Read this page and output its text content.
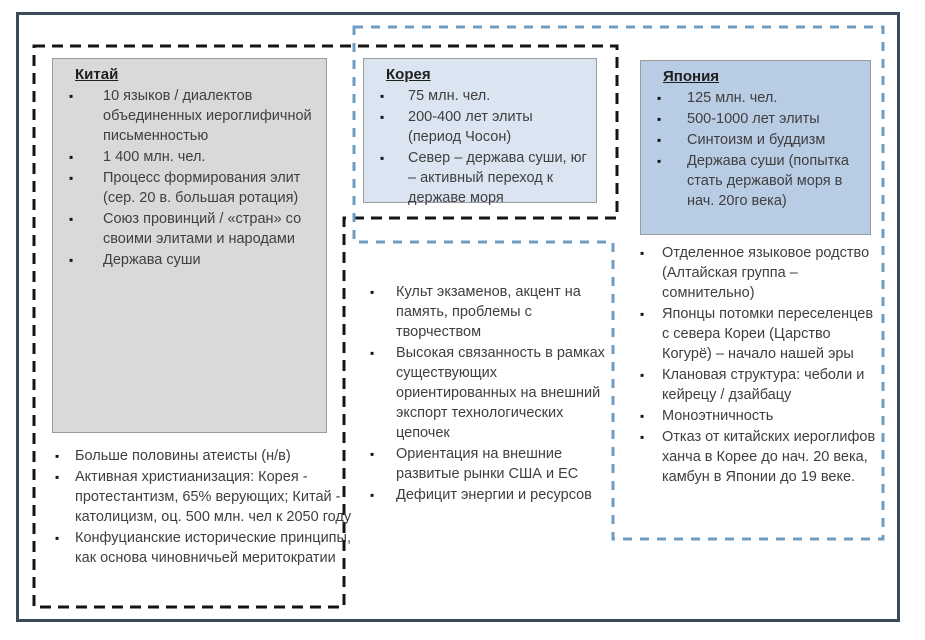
Китай
▪ 10 языков / диалектов объединенных иероглифичной письменностью
▪ 1 400 млн. чел.
▪ Процесс формирования элит (сер. 20 в. большая ротация)
▪ Союз провинций / «стран» со своими элитами и народами
▪ Держава суши
Корея
▪ 75 млн. чел.
▪ 200-400 лет элиты (период Чосон)
▪ Север – держава суши, юг – активный переход к державе моря
Япония
▪ 125 млн. чел.
▪ 500-1000 лет элиты
▪ Синтоизм и буддизм
▪ Держава суши (попытка стать державой моря в нач. 20го века)
▪ Культ экзаменов, акцент на память, проблемы с творчеством
▪ Высокая связанность в рамках существующих ориентированных на внешний экспорт технологических цепочек
▪ Ориентация на внешние развитые рынки США и ЕС
▪ Дефицит энергии и ресурсов
▪ Отделенное языковое родство (Алтайская группа – сомнительно)
▪ Японцы потомки переселенцев с севера Кореи (Царство Когурё) – начало нашей эры
▪ Клановая структура: чеболи и кейрецу / дзайбацу
▪ Моноэтничность
▪ Отказ от китайских иероглифов ханча в Корее до нач. 20 века, камбун в Японии до 19 веке.
▪ Больше половины атеисты (н/в)
▪ Активная христианизация: Корея - протестантизм, 65% верующих; Китай - католицизм, оц. 500 млн. чел к 2050 году
▪ Конфуцианские исторические принципы, как основа чиновничьей меритократии
